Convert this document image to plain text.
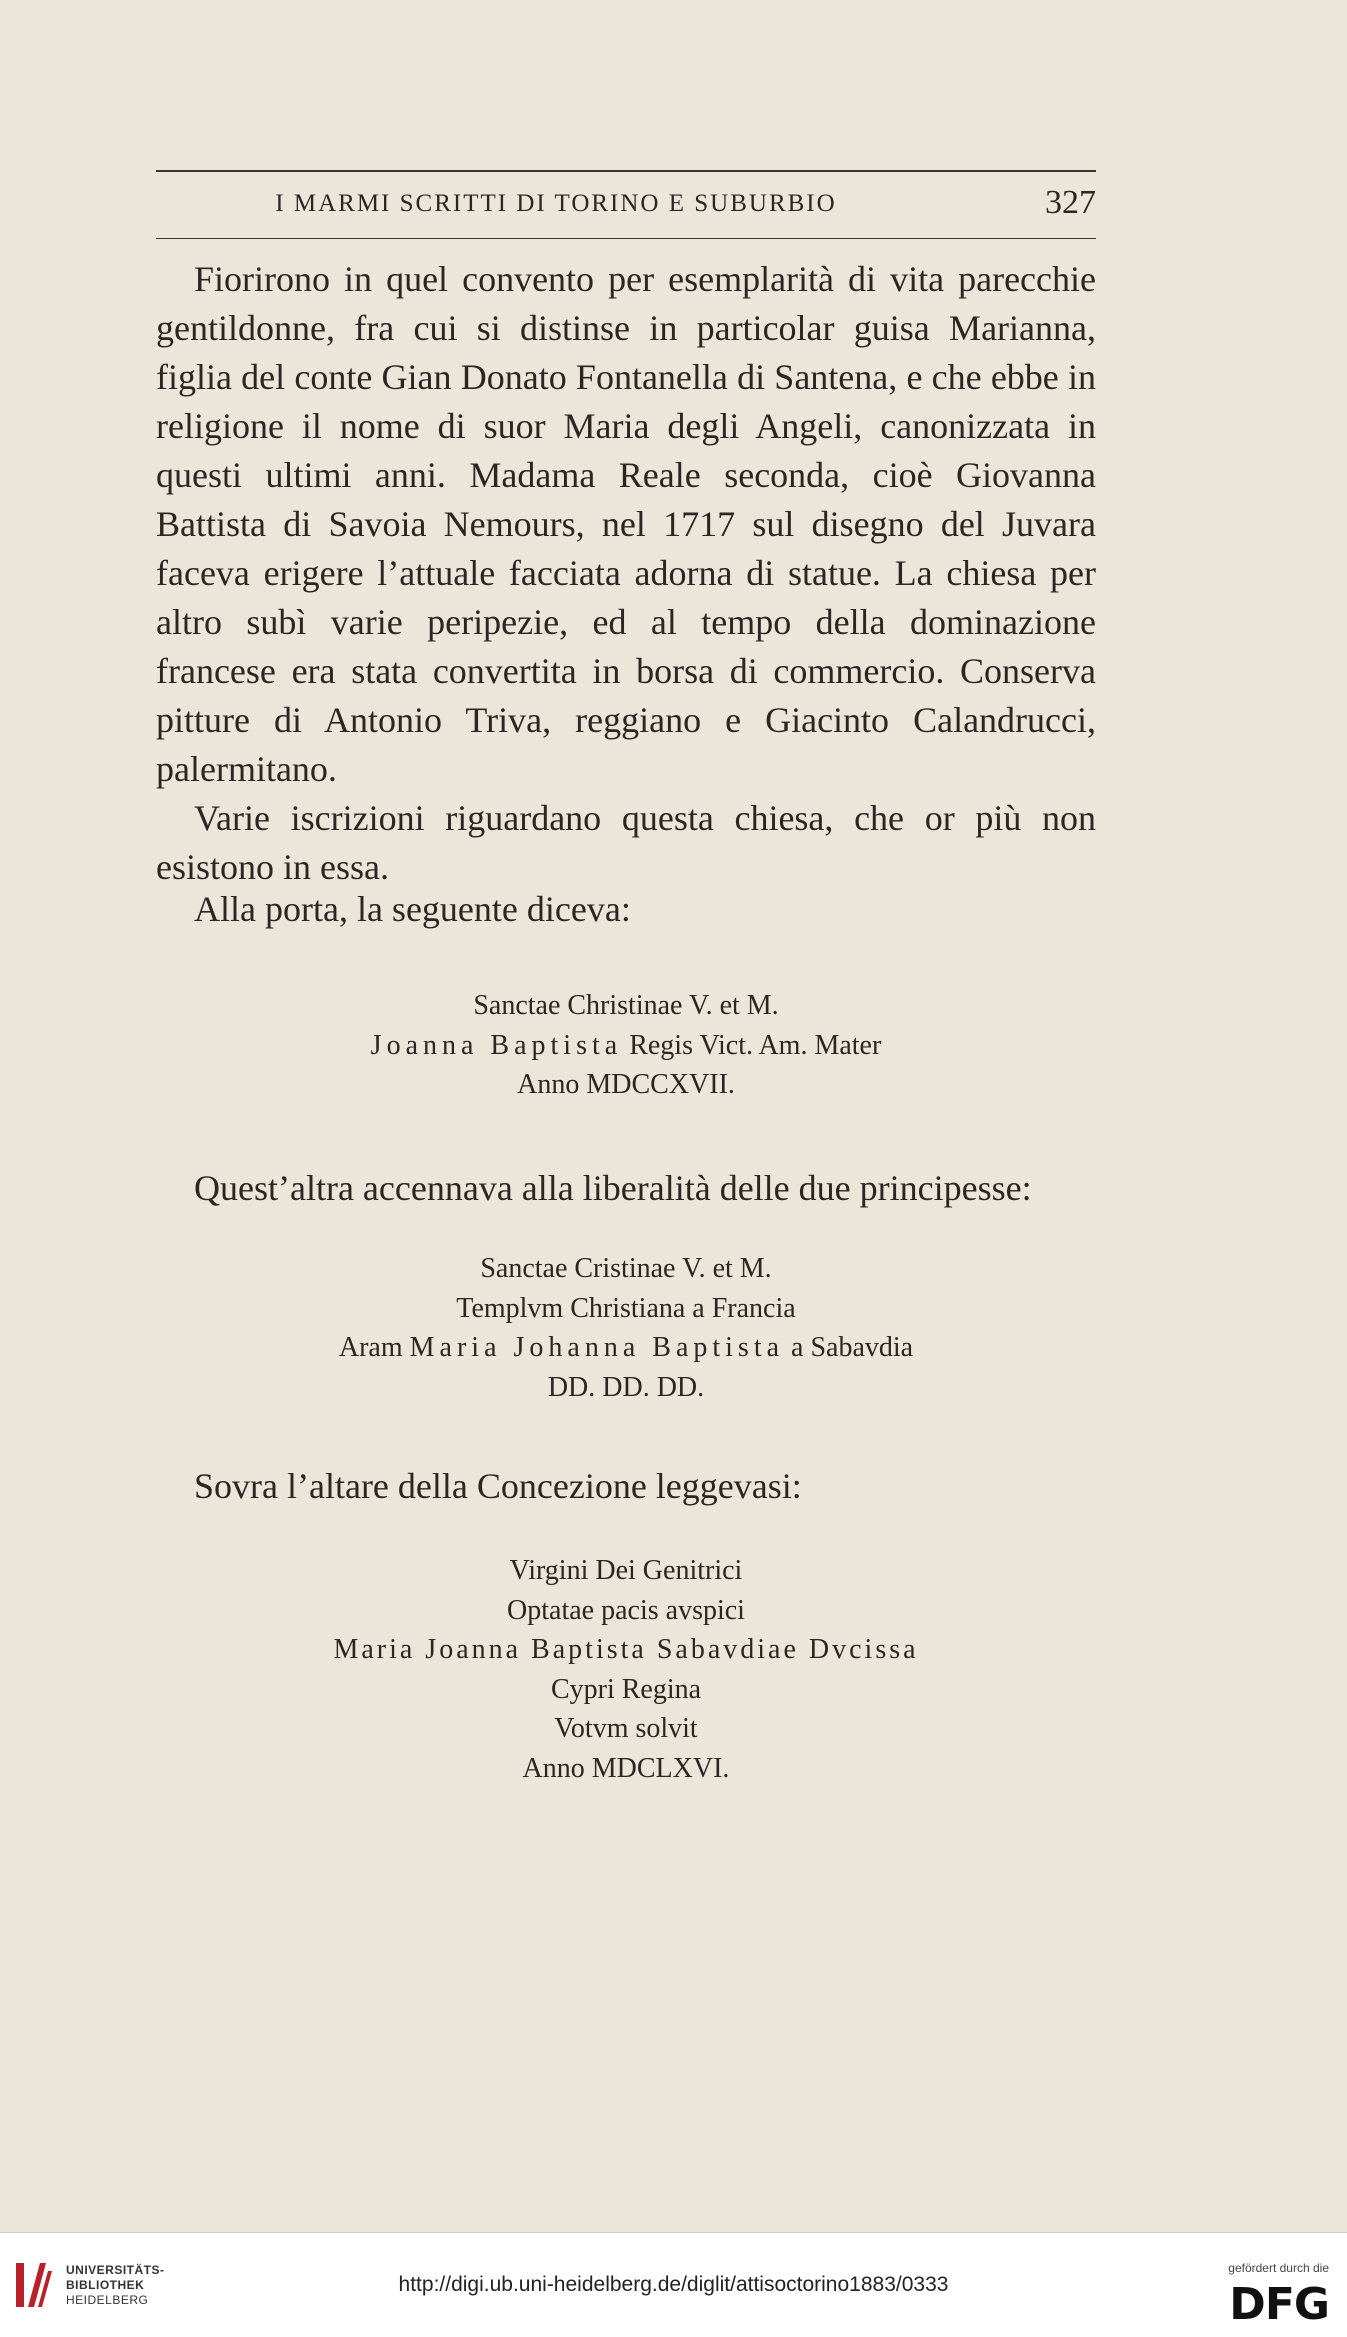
I MARMI SCRITTI DI TORINO E SUBURBIO	327

Fiorirono in quel convento per esemplarità di vita parecchie gentildonne, fra cui si distinse in particolar guisa Marianna, figlia del conte Gian Donato Fontanella di Santena, e che ebbe in religione il nome di suor Maria degli Angeli, canonizzata in questi ultimi anni. Madama Reale seconda, cioè Giovanna Battista di Savoia Nemours, nel 1717 sul disegno del Juvara faceva erigere l’attuale facciata adorna di statue. La chiesa per altro subì varie peripezie, ed al tempo della dominazione francese era stata convertita in borsa di commercio. Conserva pitture di Antonio Triva, reggiano e Giacinto Calandrucci, palermitano.

Varie iscrizioni riguardano questa chiesa, che or più non esistono in essa.

Alla porta, la seguente diceva:
Sanctae Christinae V. et M.
Joanna Baptista Regis Vict. Am. Mater
Anno MDCCXVII.
Quest’altra accennava alla liberalità delle due principesse:
Sanctae Cristinae V. et M.
Templvm Christiana a Francia
Aram Maria Johanna Baptista a Sabavdia
DD. DD. DD.
Sovra l’altare della Concezione leggevasi:
Virgini Dei Genitrici
Optatae pacis avspici
Maria Joanna Baptista Sabavdiae Dvcissa
Cypri Regina
Votvm solvit
Anno MDCLXVI.
UNIVERSITÄTS-
BIBLIOTHEK
HEIDELBERG
http://digi.ub.uni-heidelberg.de/diglit/attisoctorino1883/0333
gefördert durch die
DFG
